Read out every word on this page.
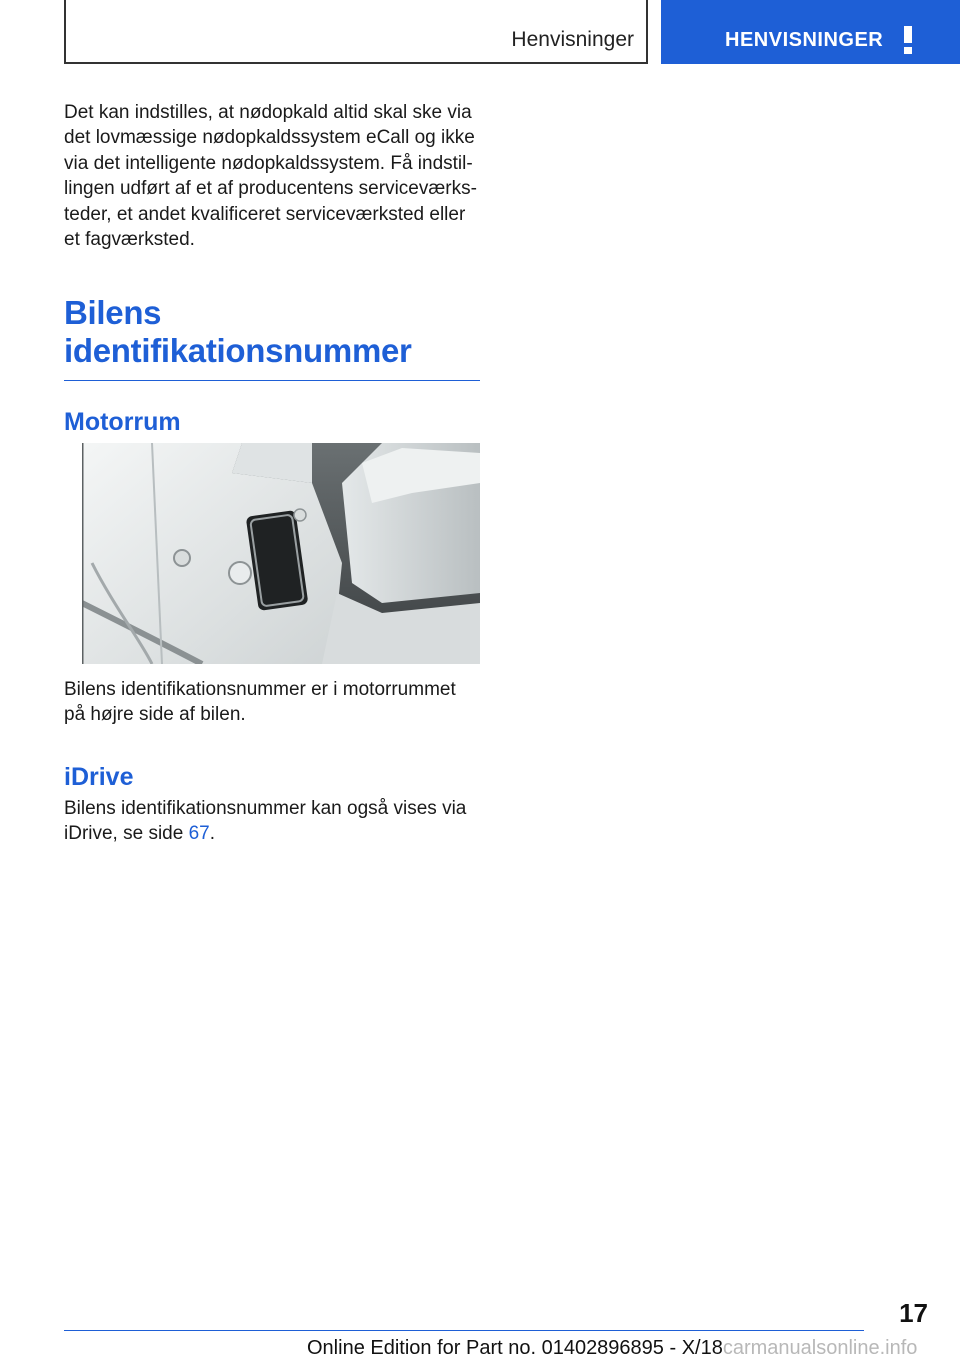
Henvisninger	HENVISNINGER

Det kan indstilles, at nødopkald altid skal ske via
det lovmæssige nødopkaldssystem eCall og ikke
via det intelligente nødopkaldssystem. Få indstil-
lingen udført af et af producentens serviceværks-
teder, et andet kvalificeret serviceværksted eller
et fagværksted.

Bilens
identifikationsnummer
Motorrum

Bilens identifikationsnummer er i motorrummet
på højre side af bilen.

iDrive

Bilens identifikationsnummer kan også vises via
iDrive, se side 67.

17
Online Edition for Part no. 01402896895 - X/18carmanualsonline.info
